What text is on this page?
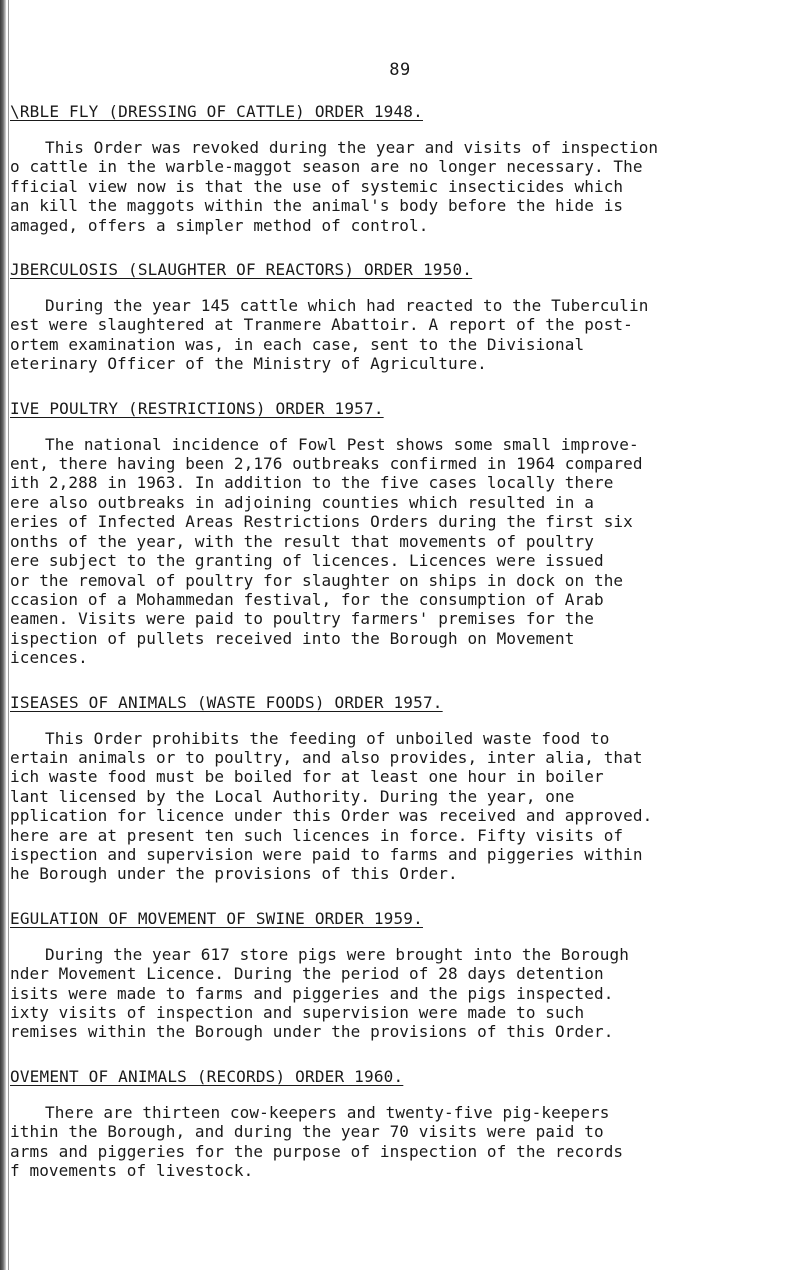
89
\RBLE FLY (DRESSING OF CATTLE) ORDER 1948.
This Order was revoked during the year and visits of inspection
o cattle in the warble-maggot season are no longer necessary. The
fficial view now is that the use of systemic insecticides which
an kill the maggots within the animal's body before the hide is
amaged, offers a simpler method of control.
JBERCULOSIS (SLAUGHTER OF REACTORS) ORDER 1950.
During the year 145 cattle which had reacted to the Tuberculin
est were slaughtered at Tranmere Abattoir. A report of the post-
ortem examination was, in each case, sent to the Divisional
eterinary Officer of the Ministry of Agriculture.
IVE POULTRY (RESTRICTIONS) ORDER 1957.
The national incidence of Fowl Pest shows some small improve-
ent, there having been 2,176 outbreaks confirmed in 1964 compared
ith 2,288 in 1963. In addition to the five cases locally there
ere also outbreaks in adjoining counties which resulted in a
eries of Infected Areas Restrictions Orders during the first six
onths of the year, with the result that movements of poultry
ere subject to the granting of licences. Licences were issued
or the removal of poultry for slaughter on ships in dock on the
ccasion of a Mohammedan festival, for the consumption of Arab
eamen. Visits were paid to poultry farmers' premises for the
ispection of pullets received into the Borough on Movement
icences.
ISEASES OF ANIMALS (WASTE FOODS) ORDER 1957.
This Order prohibits the feeding of unboiled waste food to
ertain animals or to poultry, and also provides, inter alia, that
ich waste food must be boiled for at least one hour in boiler
lant licensed by the Local Authority. During the year, one
pplication for licence under this Order was received and approved.
here are at present ten such licences in force. Fifty visits of
ispection and supervision were paid to farms and piggeries within
he Borough under the provisions of this Order.
EGULATION OF MOVEMENT OF SWINE ORDER 1959.
During the year 617 store pigs were brought into the Borough
nder Movement Licence. During the period of 28 days detention
isits were made to farms and piggeries and the pigs inspected.
ixty visits of inspection and supervision were made to such
remises within the Borough under the provisions of this Order.
OVEMENT OF ANIMALS (RECORDS) ORDER 1960.
There are thirteen cow-keepers and twenty-five pig-keepers
ithin the Borough, and during the year 70 visits were paid to
arms and piggeries for the purpose of inspection of the records
f movements of livestock.
